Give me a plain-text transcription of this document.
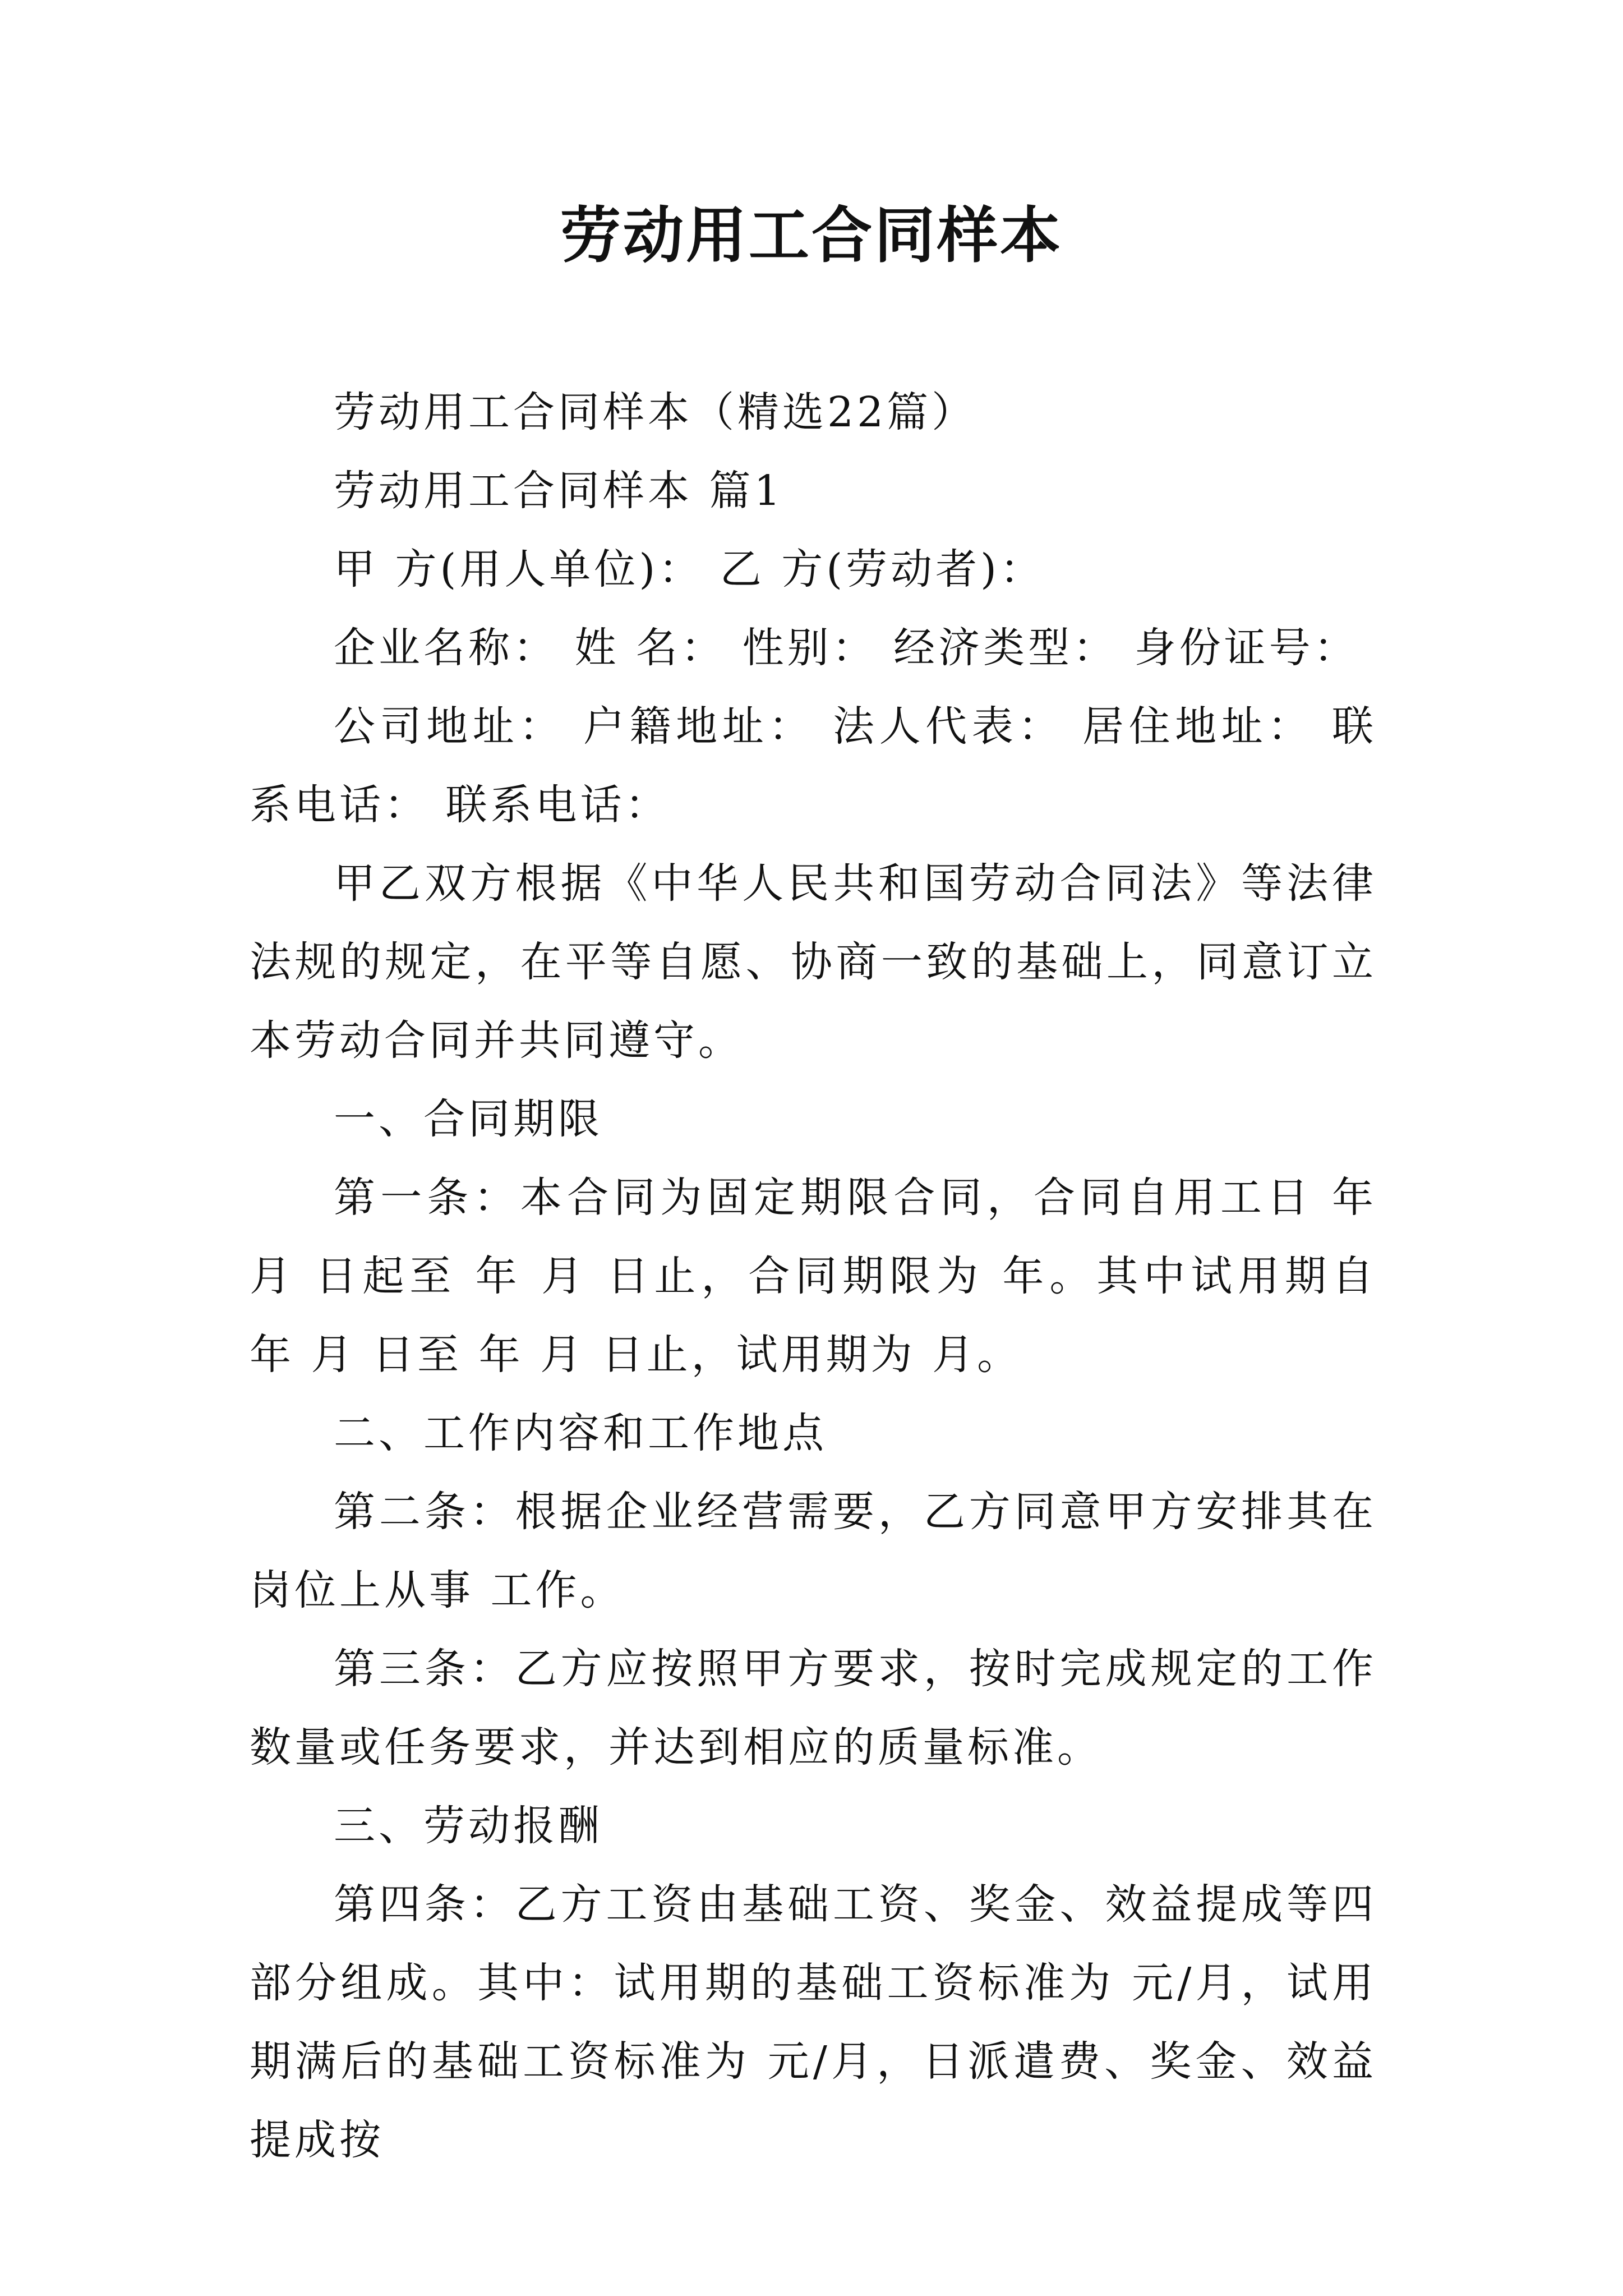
劳动用工合同样本

劳动用工合同样本（精选22篇）

劳动用工合同样本 篇1

甲 方(用人单位)： 乙 方(劳动者)：

企业名称： 姓 名： 性别： 经济类型： 身份证号：

公司地址： 户籍地址： 法人代表： 居住地址： 联系电话： 联系电话：

甲乙双方根据《中华人民共和国劳动合同法》等法律法规的规定，在平等自愿、协商一致的基础上，同意订立本劳动合同并共同遵守。

一、合同期限

第一条：本合同为固定期限合同，合同自用工日 年 月 日起至 年 月 日止，合同期限为 年。其中试用期自 年 月 日至 年 月 日止，试用期为 月。

二、工作内容和工作地点

第二条：根据企业经营需要，乙方同意甲方安排其在岗位上从事 工作。

第三条：乙方应按照甲方要求，按时完成规定的工作数量或任务要求，并达到相应的质量标准。

三、劳动报酬

第四条：乙方工资由基础工资、奖金、效益提成等四部分组成。其中：试用期的基础工资标准为 元/月，试用期满后的基础工资标准为 元/月，日派遣费、奖金、效益提成按
